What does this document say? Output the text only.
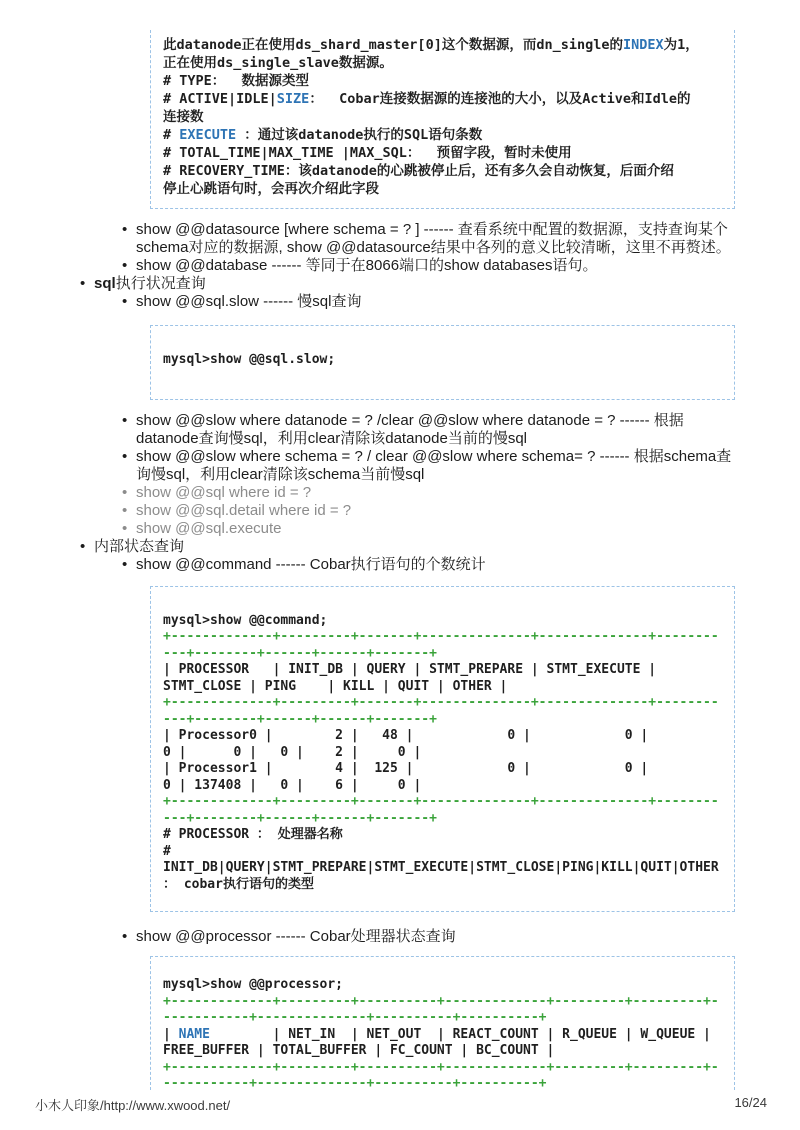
此datanode正在使用ds_shard_master[0]这个数据源，而dn_single的INDEX为1，
正在使用ds_single_slave数据源。
# TYPE：  数据源类型
# ACTIVE|IDLE|SIZE：  Cobar连接数据源的连接池的大小，以及Active和Idle的
连接数
# EXECUTE ：通过该datanode执行的SQL语句条数
# TOTAL_TIME|MAX_TIME |MAX_SQL：  预留字段，暂时未使用
# RECOVERY_TIME：该datanode的心跳被停止后，还有多久会自动恢复，后面介绍
停止心跳语句时，会再次介绍此字段
• show @@datasource [where schema = ? ] ------ 查看系统中配置的数据源，支持查询某个schema对应的数据源, show @@datasource结果中各列的意义比较清晰，这里不再赘述。
• show @@database ------ 等同于在8066端口的show databases语句。
• sql执行状况查询
• show @@sql.slow ------ 慢sql查询
mysql>show @@sql.slow;
• show @@slow where datanode = ? /clear @@slow where datanode = ? ------ 根据datanode查询慢sql，利用clear清除该datanode当前的慢sql
• show @@slow where schema = ? / clear @@slow where schema= ? ------ 根据schema查询慢sql，利用clear清除该schema当前慢sql
• show @@sql where id = ?
• show @@sql.detail where id = ?
• show @@sql.execute
• 内部状态查询
• show @@command ------ Cobar执行语句的个数统计
mysql>show @@command;
+-------------+---------+-------+--------------+--------------+--------
---+--------+------+------+-------+
| PROCESSOR   | INIT_DB | QUERY | STMT_PREPARE | STMT_EXECUTE |
STMT_CLOSE | PING    | KILL | QUIT | OTHER |
+-------------+---------+-------+--------------+--------------+--------
---+--------+------+------+-------+
| Processor0 |        2 |   48 |            0 |            0 |
0 |      0 |   0 |    2 |     0 |
| Processor1 |        4 |  125 |            0 |            0 |
0 | 137408 |   0 |    6 |     0 |
+-------------+---------+-------+--------------+--------------+--------
---+--------+------+------+-------+
# PROCESSOR ： 处理器名称
#
INIT_DB|QUERY|STMT_PREPARE|STMT_EXECUTE|STMT_CLOSE|PING|KILL|QUIT|OTHER
： cobar执行语句的类型
• show @@processor ------ Cobar处理器状态查询
mysql>show @@processor;
+-------------+---------+----------+-------------+---------+---------+-
-----------+--------------+----------+----------+
| NAME        | NET_IN  | NET_OUT  | REACT_COUNT | R_QUEUE | W_QUEUE |
FREE_BUFFER | TOTAL_BUFFER | FC_COUNT | BC_COUNT |
+-------------+---------+----------+-------------+---------+---------+-
-----------+--------------+----------+----------+
小木人印象/http://www.xwood.net/	16/24
